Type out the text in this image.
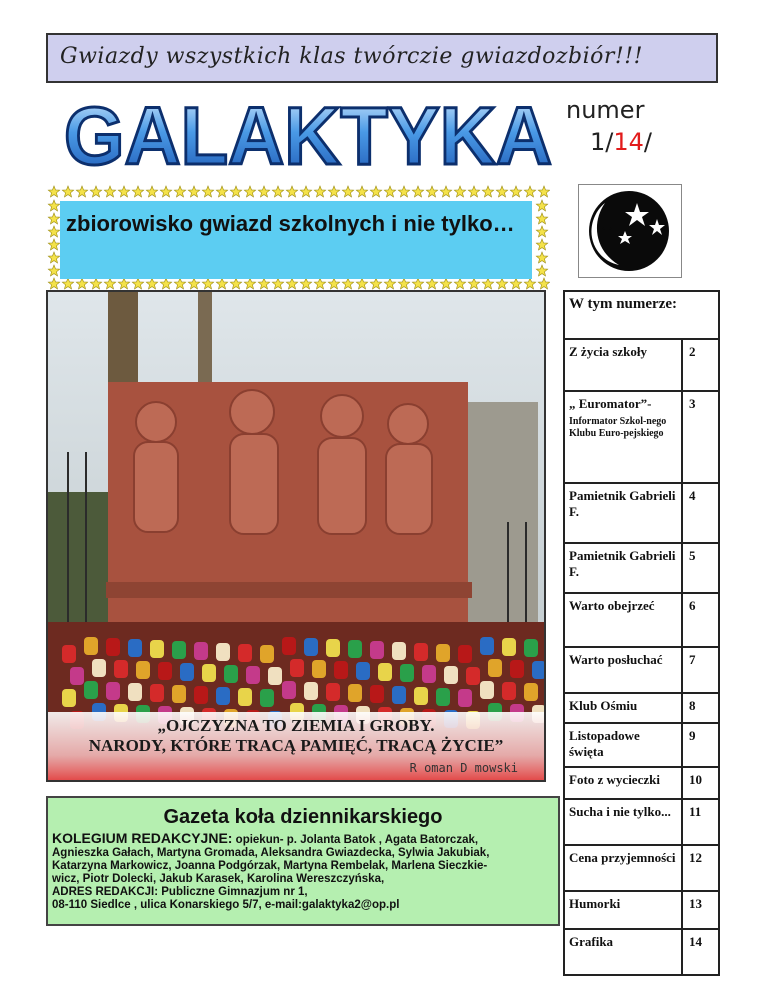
Gwiazdy wszystkich klas twórczie gwiazdozbiór!!!
GALAKTYKA numer
1/14/
zbiorowisko gwiazd szkolnych i nie tylko…
„OJCZYZNA TO ZIEMIA I GROBY.
NARODY, KTÓRE TRACĄ PAMIĘĆ, TRACĄ ŻYCIE”
R oman D mowski
W tym numerze:	
Z życia szkoły	2
„ Euromator”-
Informator Szkol-nego Klubu Euro-pejskiego	3
Pamietnik Gabrieli F.	4
Pamietnik Gabrieli F.	5
Warto obejrzeć	6
Warto posłuchać	7
Klub Ośmiu	8
Listopadowe święta	9
Foto z wycieczki	10
Sucha i nie tylko...	11
Cena przyjemności	12
Humorki	13
Grafika	14
Gazeta koła dziennikarskiego
KOLEGIUM REDAKCYJNE: opiekun- p. Jolanta Batok , Agata Batorczak,
Agnieszka Gałach, Martyna Gromada, Aleksandra Gwiazdecka, Sylwia Jakubiak,
Katarzyna Markowicz, Joanna Podgórzak, Martyna Rembelak, Marlena Sieczkie-
wicz, Piotr Dolecki, Jakub Karasek, Karolina Wereszczyńska,
ADRES REDAKCJI: Publiczne Gimnazjum nr 1,
08-110 Siedlce , ulica Konarskiego 5/7, e-mail:galaktyka2@op.pl
